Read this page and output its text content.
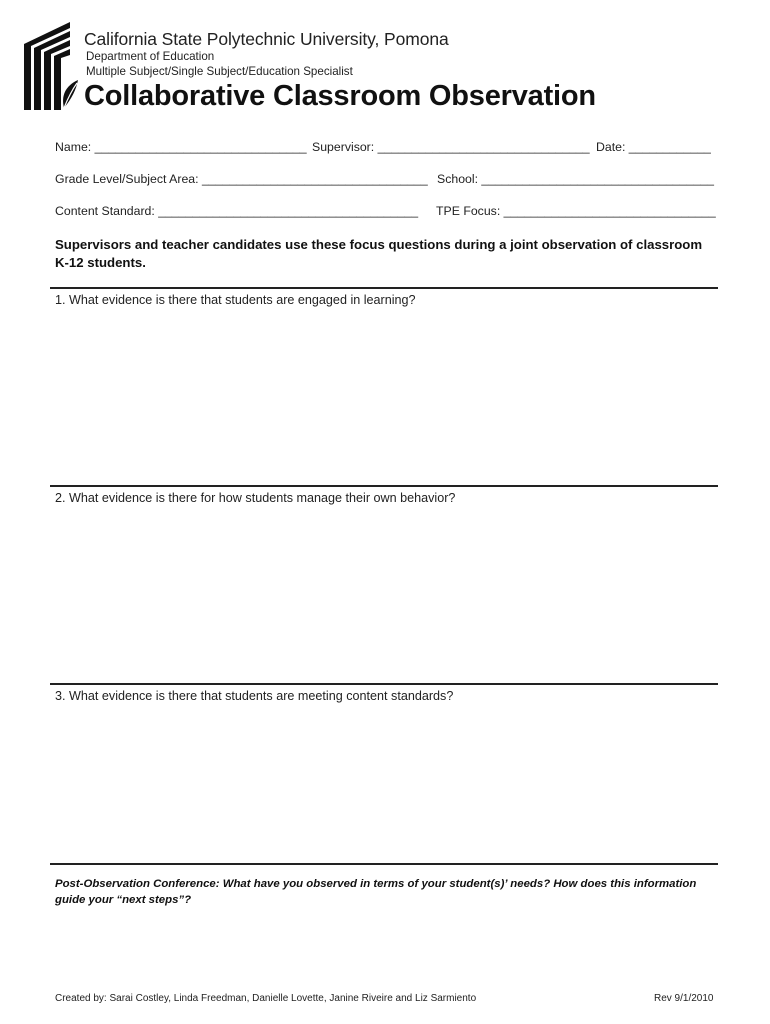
California State Polytechnic University, Pomona
Department of Education
Multiple Subject/Single Subject/Education Specialist
Collaborative Classroom Observation
Name: _______________________________ Supervisor: _______________________________ Date: ____________
Grade Level/Subject Area: _________________________________ School: __________________________________
Content Standard: ______________________________________ TPE Focus: _______________________________
Supervisors and teacher candidates use these focus questions during a joint observation of classroom K-12 students.
1. What evidence is there that students are engaged in learning?
2. What evidence is there for how students manage their own behavior?
3. What evidence is there that students are meeting content standards?
Post-Observation Conference: What have you observed in terms of your student(s)’ needs? How does this information guide your “next steps”?
Created by: Sarai Costley, Linda Freedman, Danielle Lovette, Janine Riveire and Liz Sarmiento	Rev 9/1/2010
